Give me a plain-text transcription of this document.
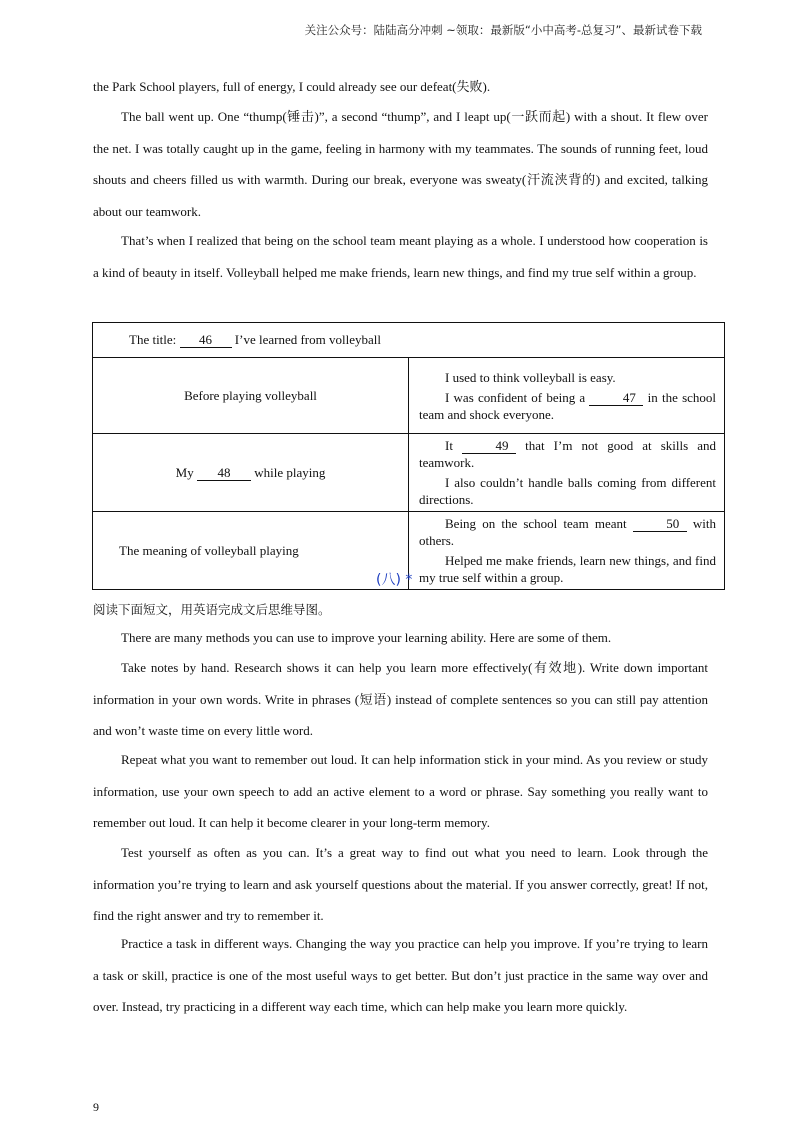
关注公众号：陆陆高分冲刺 ~领取：最新版“小中高考-总复习”、最新试卷下载

the Park School players, full of energy, I could already see our defeat(失败).

The ball went up. One “thump(锤击)”, a second “thump”, and I leapt up(一跃而起) with a shout. It flew over the net. I was totally caught up in the game, feeling in harmony with my teammates. The sounds of running feet, loud shouts and cheers filled us with warmth. During our break, everyone was sweaty(汗流浃背的) and excited, talking about our teamwork.

That’s when I realized that being on the school team meant playing as a whole. I understood how cooperation is a kind of beauty in itself. Volleyball helped me make friends, learn new things, and find my true self within a group.

The title: 46 I’ve learned from volleyball	

Before playing volleyball	I used to think volleyball is easy.
I was confident of being a 47 in the school team and shock everyone.

My 48 while playing	It 49 that I’m not good at skills and teamwork.
I also couldn’t handle balls coming from different directions.

The meaning of volleyball playing	Being on the school team meant 50 with others.
Helped me make friends, learn new things, and find my true self within a group.
(八) *

阅读下面短文，用英语完成文后思维导图。

There are many methods you can use to improve your learning ability. Here are some of them.

Take notes by hand. Research shows it can help you learn more effectively(有效地). Write down important information in your own words. Write in phrases (短语) instead of complete sentences so you can still pay attention and won’t waste time on every little word.

Repeat what you want to remember out loud. It can help information stick in your mind. As you review or study information, use your own speech to add an active element to a word or phrase. Say something you really want to remember out loud. It can help it become clearer in your long-term memory.

Test yourself as often as you can. It’s a great way to find out what you need to learn. Look through the information you’re trying to learn and ask yourself questions about the material. If you answer correctly, great! If not, find the right answer and try to remember it.

Practice a task in different ways. Changing the way you practice can help you improve. If you’re trying to learn a task or skill, practice is one of the most useful ways to get better. But don’t just practice in the same way over and over. Instead, try practicing in a different way each time, which can help make you learn more quickly.

9
